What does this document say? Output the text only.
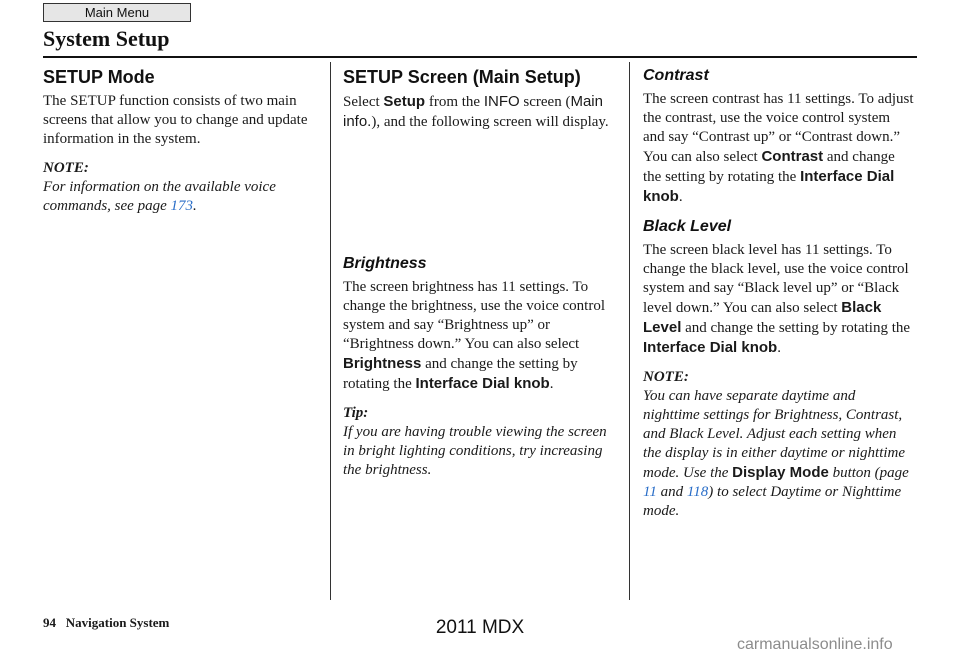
Main Menu
System Setup
SETUP Mode

The SETUP function consists of two main screens that allow you to change and update information in the system.

NOTE:

For information on the available voice commands, see page 173.

SETUP Screen (Main Setup)

Select Setup from the INFO screen (Main info.), and the following screen will display.

Brightness

The screen brightness has 11 settings. To change the brightness, use the voice control system and say “Brightness up” or “Brightness down.” You can also select Brightness and change the setting by rotating the Interface Dial knob.

Tip:

If you are having trouble viewing the screen in bright lighting conditions, try increasing the brightness.

Contrast

The screen contrast has 11 settings. To adjust the contrast, use the voice control system and say “Contrast up” or “Contrast down.” You can also select Contrast and change the setting by rotating the Interface Dial knob.

Black Level

The screen black level has 11 settings. To change the black level, use the voice control system and say “Black level up” or “Black level down.” You can also select Black Level and change the setting by rotating the Interface Dial knob.

NOTE:

You can have separate daytime and nighttime settings for Brightness, Contrast, and Black Level. Adjust each setting when the display is in either daytime or nighttime mode. Use the Display Mode button (page 11 and 118) to select Daytime or Nighttime mode.

94 Navigation System	2011 MDX
carmanualsonline.info
